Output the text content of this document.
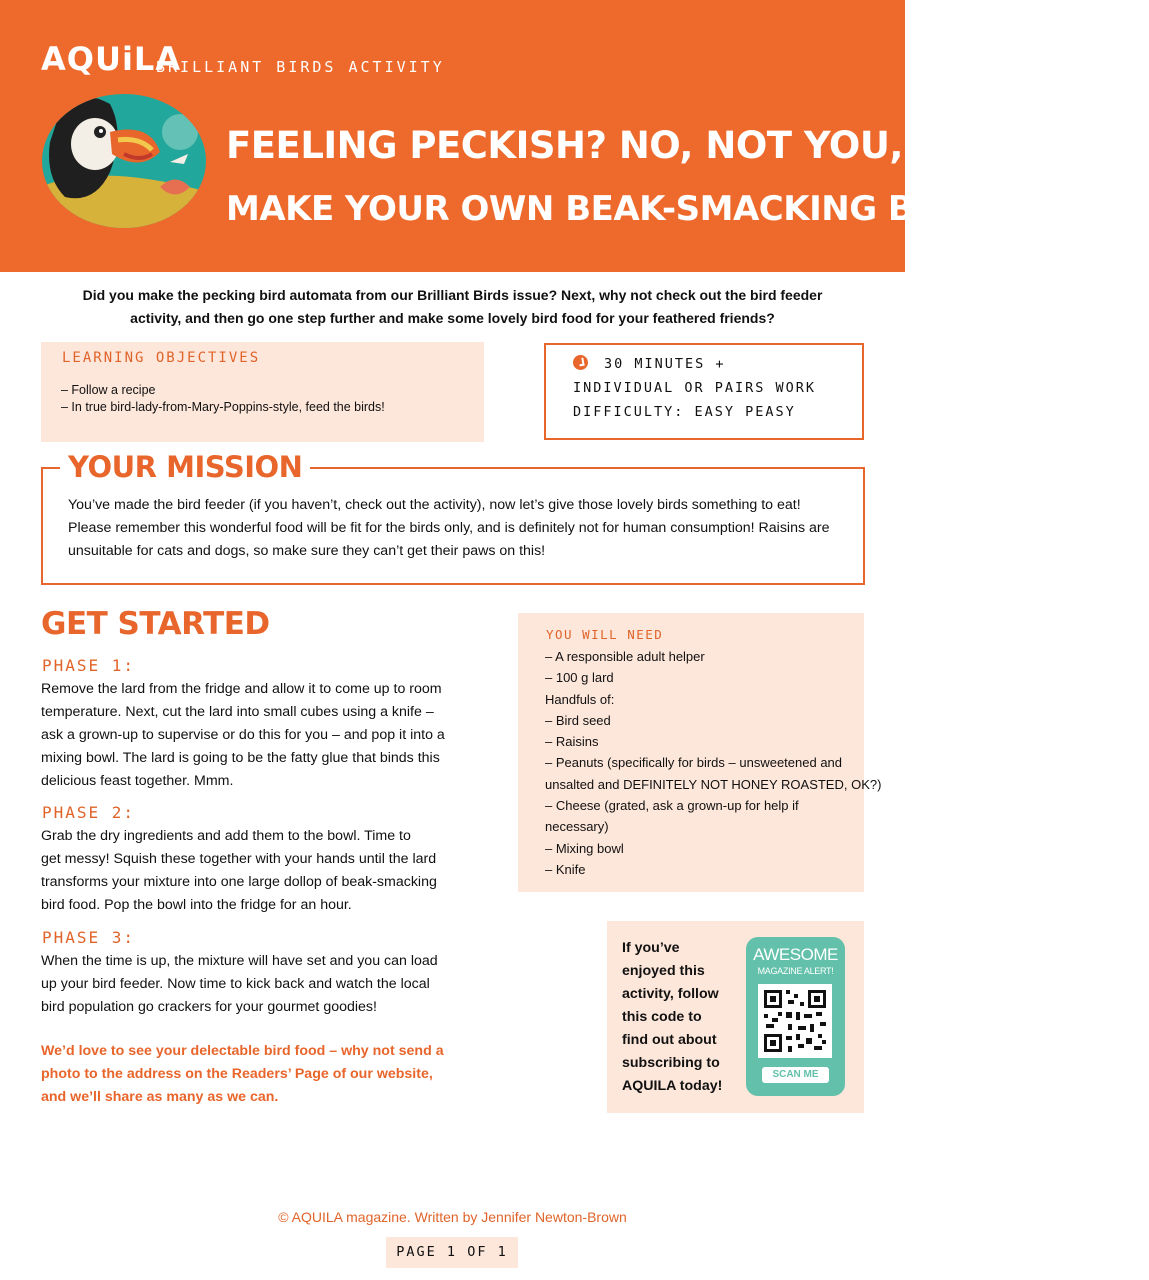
AQUiLA
BRILLIANT BIRDS ACTIVITY
FEELING PECKISH? NO, NOT YOU, THE BIRDS!
MAKE YOUR OWN BEAK-SMACKING BIRD FOOD!
Did you make the pecking bird automata from our Brilliant Birds issue? Next, why not check out the bird feeder activity, and then go one step further and make some lovely bird food for your feathered friends?
LEARNING OBJECTIVES
– Follow a recipe
– In true bird-lady-from-Mary-Poppins-style, feed the birds!
30 MINUTES +
INDIVIDUAL OR PAIRS WORK
DIFFICULTY: EASY PEASY
YOUR MISSION
You’ve made the bird feeder (if you haven’t, check out the activity), now let’s give those lovely birds something to eat!
Please remember this wonderful food will be fit for the birds only, and is definitely not for human consumption! Raisins are
unsuitable for cats and dogs, so make sure they can’t get their paws on this!
GET STARTED
PHASE 1:
Remove the lard from the fridge and allow it to come up to room
temperature. Next, cut the lard into small cubes using a knife –
ask a grown-up to supervise or do this for you – and pop it into a
mixing bowl. The lard is going to be the fatty glue that binds this
delicious feast together. Mmm.
PHASE 2:
Grab the dry ingredients and add them to the bowl. Time to
get messy! Squish these together with your hands until the lard
transforms your mixture into one large dollop of beak-smacking
bird food. Pop the bowl into the fridge for an hour.
PHASE 3:
When the time is up, the mixture will have set and you can load
up your bird feeder. Now time to kick back and watch the local
bird population go crackers for your gourmet goodies!
We’d love to see your delectable bird food – why not send a
photo to the address on the Readers’ Page of our website,
and we’ll share as many as we can.
YOU WILL NEED
– A responsible adult helper
– 100 g lard
Handfuls of:
– Bird seed
– Raisins
– Peanuts (specifically for birds – unsweetened and
unsalted and DEFINITELY NOT HONEY ROASTED, OK?)
– Cheese (grated, ask a grown-up for help if
necessary)
– Mixing bowl
– Knife
If you’ve
enjoyed this
activity, follow
this code to
find out about
subscribing to
AQUILA today!
AWESOME
MAGAZINE ALERT!
SCAN ME
© AQUILA magazine. Written by Jennifer Newton-Brown
PAGE 1 OF 1
